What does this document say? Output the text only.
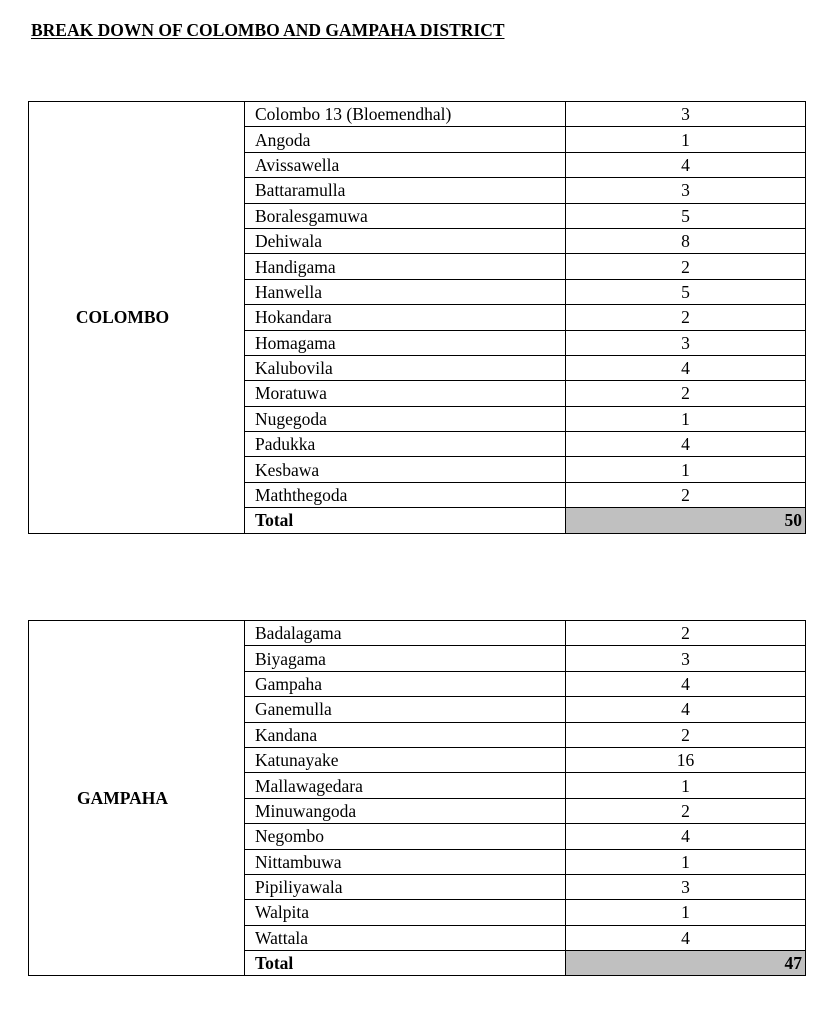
BREAK DOWN OF COLOMBO AND GAMPAHA DISTRICT
COLOMBO	Colombo 13 (Bloemendhal)	3
	Angoda	1
	Avissawella	4
	Battaramulla	3
	Boralesgamuwa	5
	Dehiwala	8
	Handigama	2
	Hanwella	5
	Hokandara	2
	Homagama	3
	Kalubovila	4
	Moratuwa	2
	Nugegoda	1
	Padukka	4
	Kesbawa	1
	Maththegoda	2
	Total	50
GAMPAHA	Badalagama	2
	Biyagama	3
	Gampaha	4
	Ganemulla	4
	Kandana	2
	Katunayake	16
	Mallawagedara	1
	Minuwangoda	2
	Negombo	4
	Nittambuwa	1
	Pipiliyawala	3
	Walpita	1
	Wattala	4
	Total	47
